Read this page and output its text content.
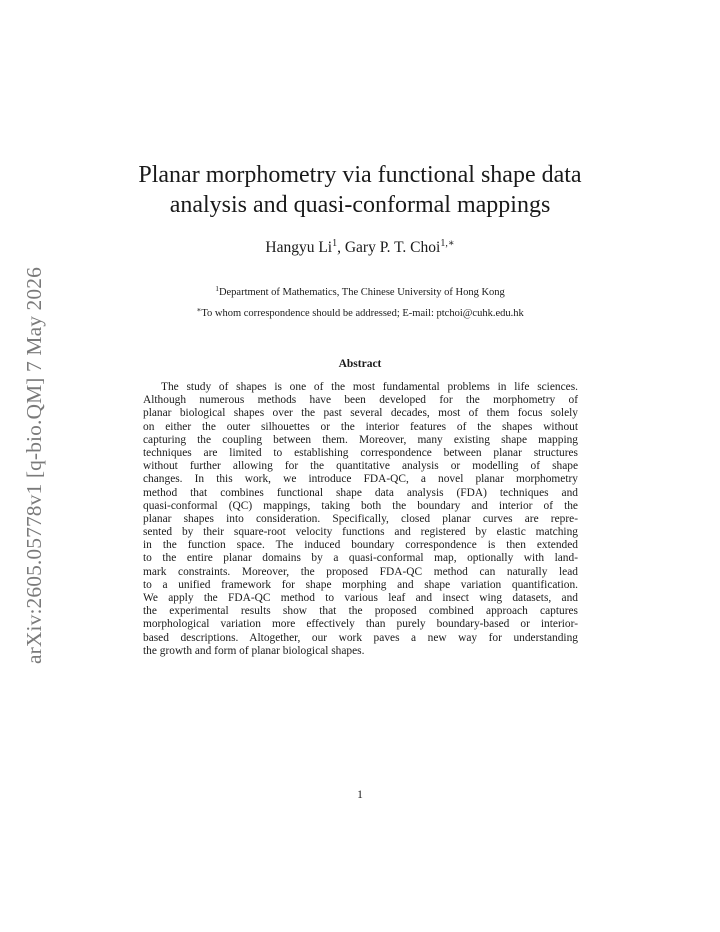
arXiv:2605.05778v1 [q-bio.QM] 7 May 2026
Planar morphometry via functional shape data
analysis and quasi-conformal mappings
Hangyu Li$^1$, Gary P. T. Choi$^{1,∗}$
$^1$Department of Mathematics, The Chinese University of Hong Kong
∗To whom correspondence should be addressed; E-mail: ptchoi@cuhk.edu.hk
Abstract
The study of shapes is one of the most fundamental problems in life sciences.
Although numerous methods have been developed for the morphometry of
planar biological shapes over the past several decades, most of them focus solely
on either the outer silhouettes or the interior features of the shapes without
capturing the coupling between them. Moreover, many existing shape mapping
techniques are limited to establishing correspondence between planar structures
without further allowing for the quantitative analysis or modelling of shape
changes. In this work, we introduce FDA-QC, a novel planar morphometry
method that combines functional shape data analysis (FDA) techniques and
quasi-conformal (QC) mappings, taking both the boundary and interior of the
planar shapes into consideration. Specifically, closed planar curves are repre-
sented by their square-root velocity functions and registered by elastic matching
in the function space. The induced boundary correspondence is then extended
to the entire planar domains by a quasi-conformal map, optionally with land-
mark constraints. Moreover, the proposed FDA-QC method can naturally lead
to a unified framework for shape morphing and shape variation quantification.
We apply the FDA-QC method to various leaf and insect wing datasets, and
the experimental results show that the proposed combined approach captures
morphological variation more effectively than purely boundary-based or interior-
based descriptions. Altogether, our work paves a new way for understanding
the growth and form of planar biological shapes.
1
